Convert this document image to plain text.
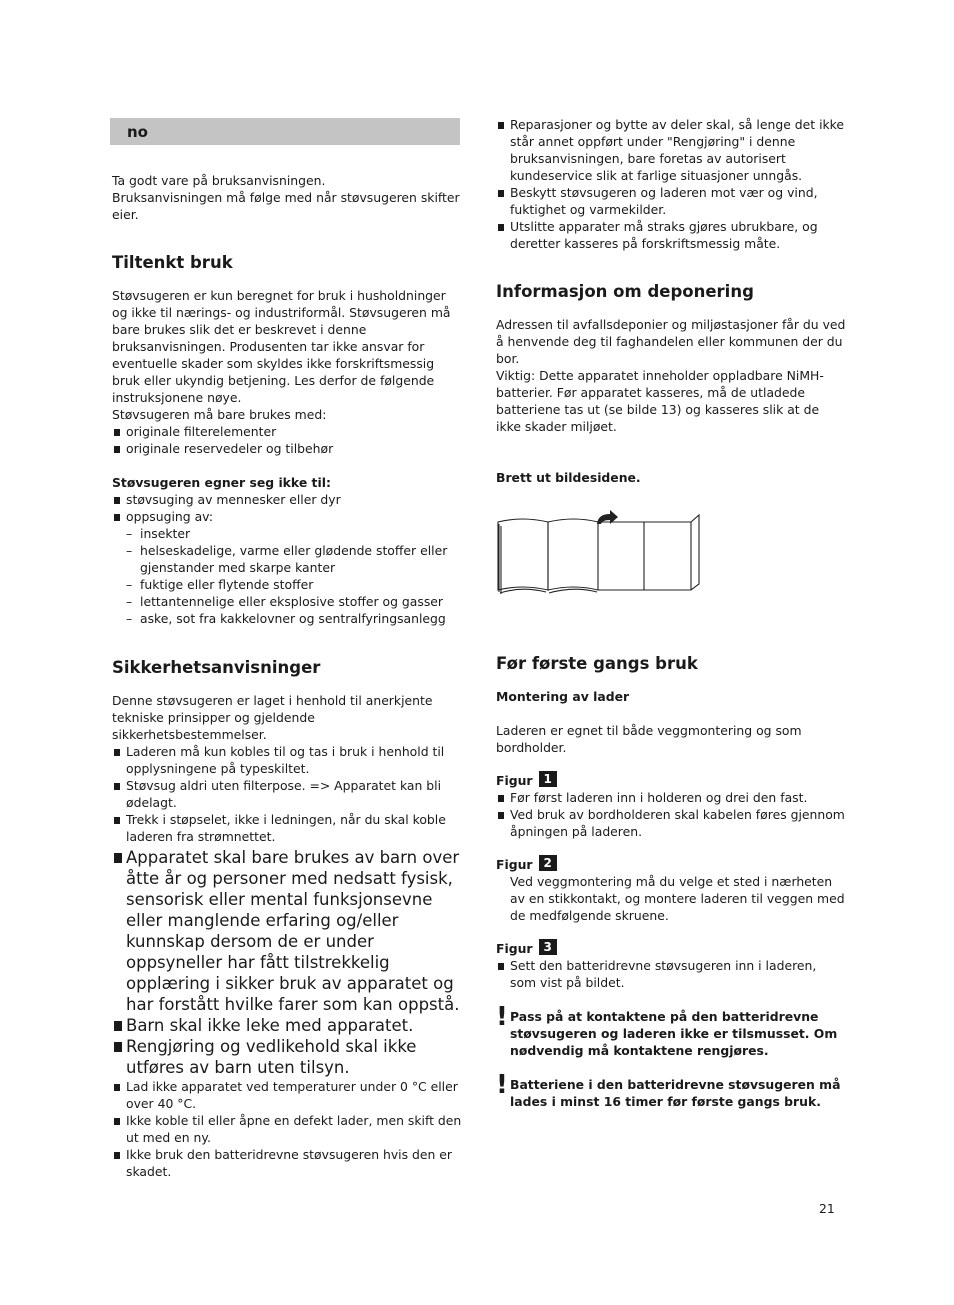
no

Ta godt vare på bruksanvisningen.

Bruksanvisningen må følge med når støvsugeren skifter eier.

Tiltenkt bruk

Støvsugeren er kun beregnet for bruk i husholdninger og ikke til nærings- og industriformål. Støvsugeren må bare brukes slik det er beskrevet i denne bruksanvisningen. Produsenten tar ikke ansvar for eventuelle skader som skyldes ikke forskriftsmessig bruk eller ukyndig betjening. Les derfor de følgende instruksjonene nøye.

Støvsugeren må bare brukes med:

originale filterelementer
originale reservedeler og tilbehør
Støvsugeren egner seg ikke til:
støvsuging av mennesker eller dyr
oppsuging av:
– insekter
– helseskadelige, varme eller glødende stoffer eller gjenstander med skarpe kanter
– fuktige eller flytende stoffer
– lettantennelige eller eksplosive stoffer og gasser
– aske, sot fra kakkelovner og sentralfyringsanlegg
Sikkerhetsanvisninger

Denne støvsugeren er laget i henhold til anerkjente tekniske prinsipper og gjeldende sikkerhetsbestemmelser.

Laderen må kun kobles til og tas i bruk i henhold til opplysningene på typeskiltet.
Støvsug aldri uten filterpose. => Apparatet kan bli ødelagt.
Trekk i støpselet, ikke i ledningen, når du skal koble laderen fra strømnettet.
Apparatet skal bare brukes av barn over åtte år og personer med nedsatt fysisk, sensorisk eller mental funksjonsevne eller manglende erfaring og/eller kunnskap dersom de er under oppsyneller har fått tilstrekkelig opplæring i sikker bruk av apparatet og har forstått hvilke farer som kan oppstå.
Barn skal ikke leke med apparatet.
Rengjøring og vedlikehold skal ikke utføres av barn uten tilsyn.
Lad ikke apparatet ved temperaturer under 0 °C eller over 40 °C.
Ikke koble til eller åpne en defekt lader, men skift den ut med en ny.
Ikke bruk den batteridrevne støvsugeren hvis den er skadet.
Reparasjoner og bytte av deler skal, så lenge det ikke står annet oppført under "Rengjøring" i denne bruksanvisningen, bare foretas av autorisert kundeservice slik at farlige situasjoner unngås.
Beskytt støvsugeren og laderen mot vær og vind, fuktighet og varmekilder.
Utslitte apparater må straks gjøres ubrukbare, og deretter kasseres på forskriftsmessig måte.
Informasjon om deponering

Adressen til avfallsdeponier og miljøstasjoner får du ved å henvende deg til faghandelen eller kommunen der du bor.

Viktig: Dette apparatet inneholder oppladbare NiMH-batterier. Før apparatet kasseres, må de utladede batteriene tas ut (se bilde 13) og kasseres slik at de ikke skader miljøet.

Brett ut bildesidene.
Før første gangs bruk
Montering av lader

Laderen er egnet til både veggmontering og som bordholder.

Figur 1
Før først laderen inn i holderen og drei den fast.
Ved bruk av bordholderen skal kabelen føres gjennom åpningen på laderen.
Figur 2

Ved veggmontering må du velge et sted i nærheten av en stikkontakt, og montere laderen til veggen med de medfølgende skruene.

Figur 3
Sett den batteridrevne støvsugeren inn i laderen, som vist på bildet.
! Pass på at kontaktene på den batteridrevne støvsugeren og laderen ikke er tilsmusset. Om nødvendig må kontaktene rengjøres.
! Batteriene i den batteridrevne støvsugeren må lades i minst 16 timer før første gangs bruk.
21
